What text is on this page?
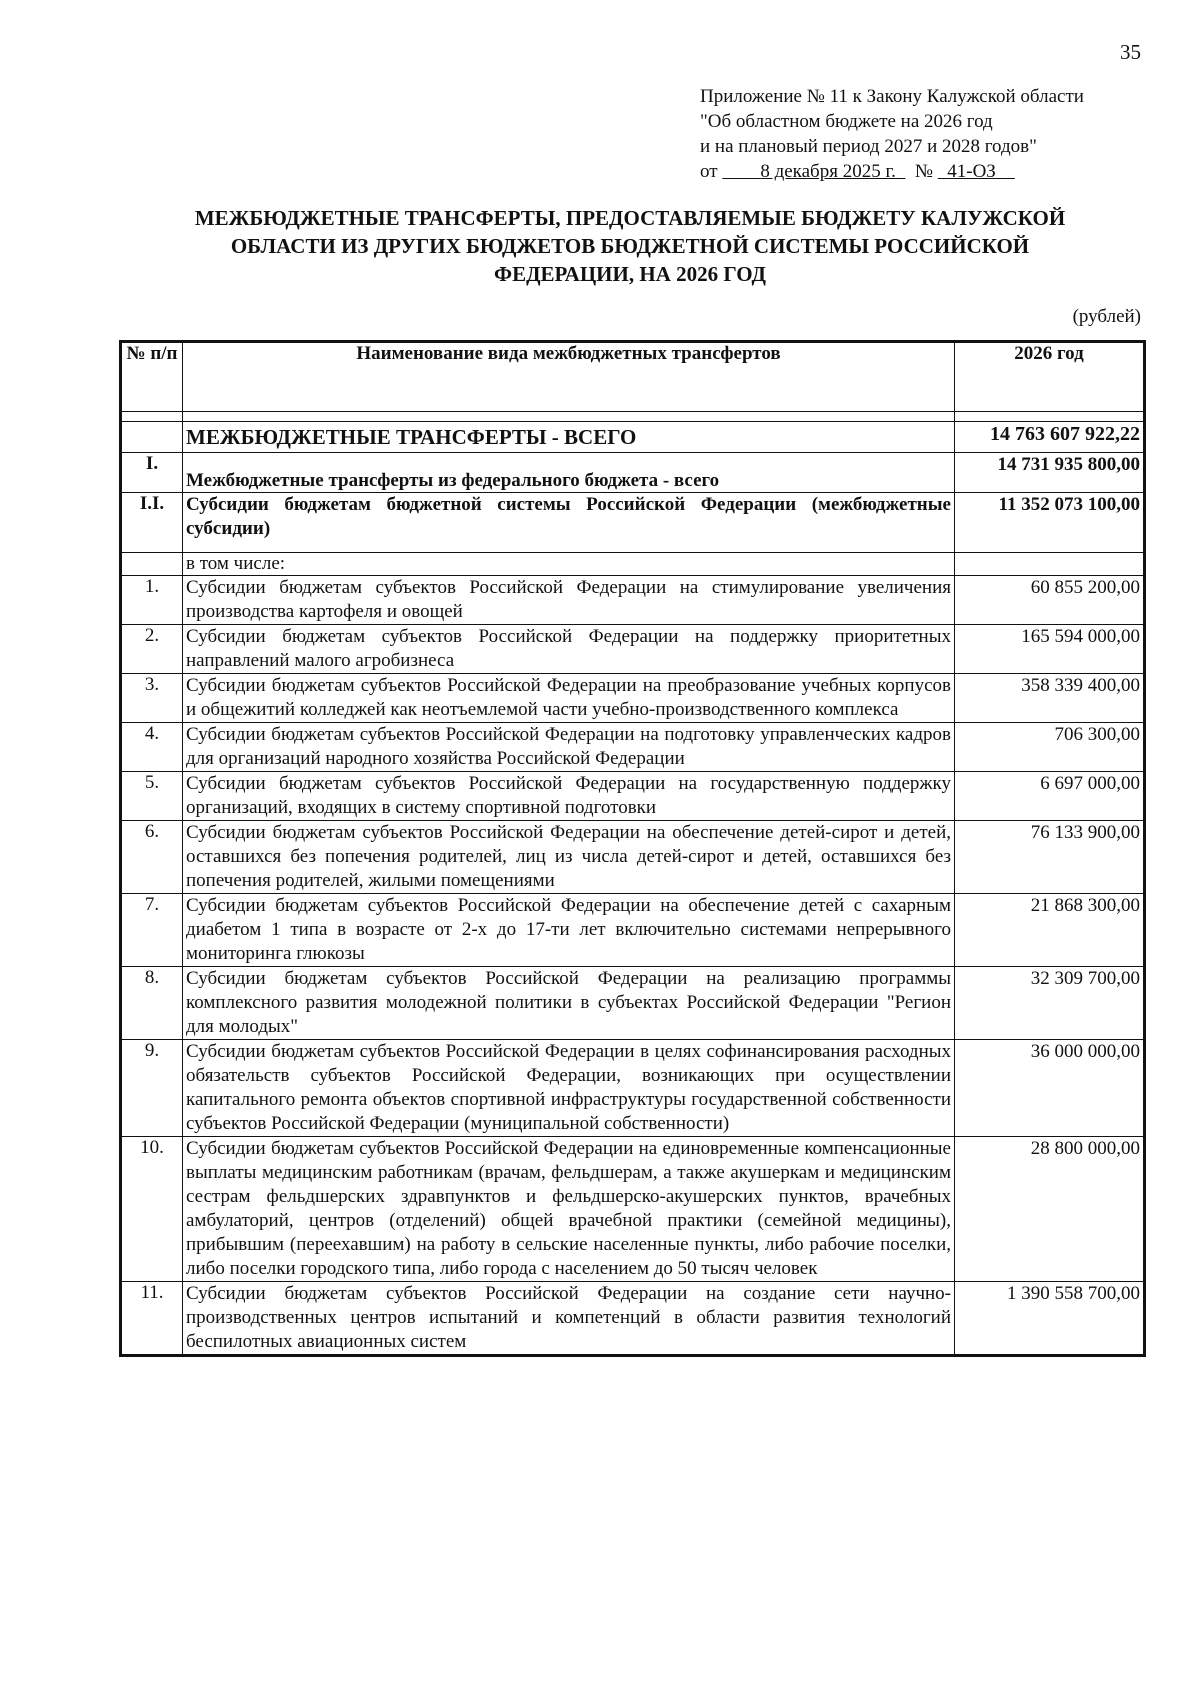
35
Приложение № 11 к Закону Калужской области
"Об областном бюджете на 2026 год
и на плановый период 2027 и 2028 годов"
от 8 декабря 2025 г. № 41-ОЗ
МЕЖБЮДЖЕТНЫЕ ТРАНСФЕРТЫ, ПРЕДОСТАВЛЯЕМЫЕ БЮДЖЕТУ КАЛУЖСКОЙ
ОБЛАСТИ ИЗ ДРУГИХ БЮДЖЕТОВ БЮДЖЕТНОЙ СИСТЕМЫ РОССИЙСКОЙ
ФЕДЕРАЦИИ, НА 2026 ГОД
(рублей)
№ п/п	Наименование вида межбюджетных трансфертов	2026 год

	МЕЖБЮДЖЕТНЫЕ ТРАНСФЕРТЫ - ВСЕГО	14 763 607 922,22
I.	Межбюджетные трансферты из федерального бюджета - всего	14 731 935 800,00
I.I.	Субсидии бюджетам бюджетной системы Российской Федерации (межбюджетные субсидии)	11 352 073 100,00
	в том числе:	
1.	Субсидии бюджетам субъектов Российской Федерации на стимулирование увеличения производства картофеля и овощей	60 855 200,00
2.	Субсидии бюджетам субъектов Российской Федерации на поддержку приоритетных направлений малого агробизнеса	165 594 000,00
3.	Субсидии бюджетам субъектов Российской Федерации на преобразование учебных корпусов и общежитий колледжей как неотъемлемой части учебно-производственного комплекса	358 339 400,00
4.	Субсидии бюджетам субъектов Российской Федерации на подготовку управленческих кадров для организаций народного хозяйства Российской Федерации	706 300,00
5.	Субсидии бюджетам субъектов Российской Федерации на государственную поддержку организаций, входящих в систему спортивной подготовки	6 697 000,00
6.	Субсидии бюджетам субъектов Российской Федерации на обеспечение детей-сирот и детей, оставшихся без попечения родителей, лиц из числа детей-сирот и детей, оставшихся без попечения родителей, жилыми помещениями	76 133 900,00
7.	Субсидии бюджетам субъектов Российской Федерации на обеспечение детей с сахарным диабетом 1 типа в возрасте от 2-х до 17-ти лет включительно системами непрерывного мониторинга глюкозы	21 868 300,00
8.	Субсидии бюджетам субъектов Российской Федерации на реализацию программы комплексного развития молодежной политики в субъектах Российской Федерации "Регион для молодых"	32 309 700,00
9.	Субсидии бюджетам субъектов Российской Федерации в целях софинансирования расходных обязательств субъектов Российской Федерации, возникающих при осуществлении капитального ремонта объектов спортивной инфраструктуры государственной собственности субъектов Российской Федерации (муниципальной собственности)	36 000 000,00
10.	Субсидии бюджетам субъектов Российской Федерации на единовременные компенсационные выплаты медицинским работникам (врачам, фельдшерам, а также акушеркам и медицинским сестрам фельдшерских здравпунктов и фельдшерско-акушерских пунктов, врачебных амбулаторий, центров (отделений) общей врачебной практики (семейной медицины), прибывшим (переехавшим) на работу в сельские населенные пункты, либо рабочие поселки, либо поселки городского типа, либо города с населением до 50 тысяч человек	28 800 000,00
11.	Субсидии бюджетам субъектов Российской Федерации на создание сети научно-производственных центров испытаний и компетенций в области развития технологий беспилотных авиационных систем	1 390 558 700,00
